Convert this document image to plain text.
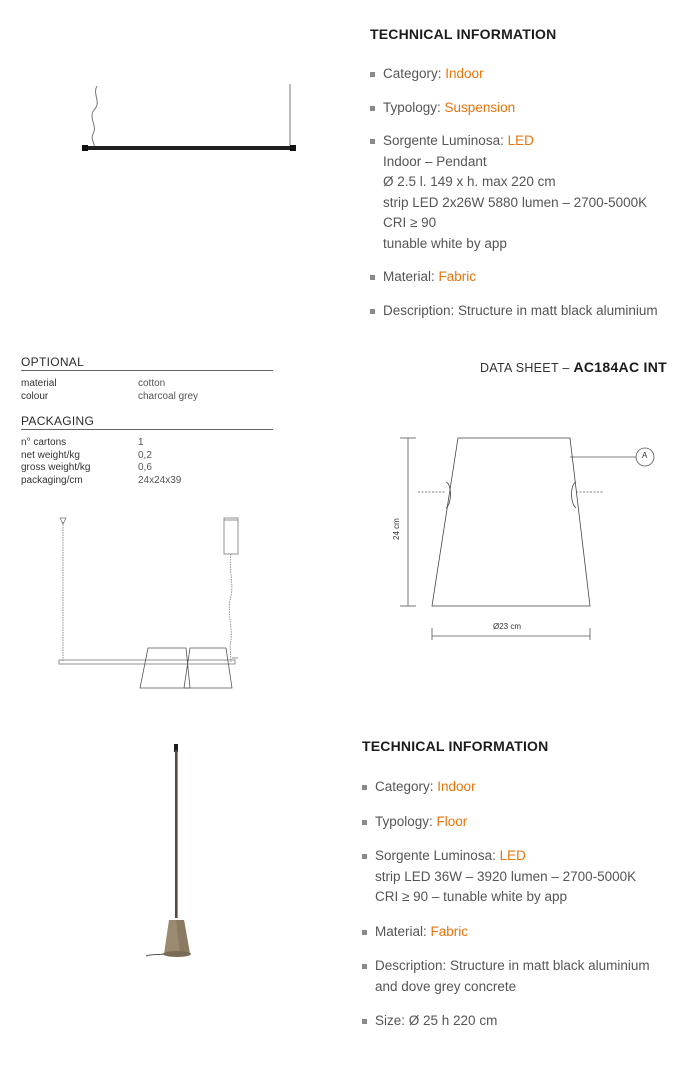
TECHNICAL INFORMATION
Category: Indoor
Typology: Suspension
Sorgente Luminosa: LED
Indoor – Pendant
Ø 2.5 l. 149 x h. max 220 cm
strip LED 2x26W 5880 lumen – 2700-5000K
CRI ≥ 90
tunable white by app
Material: Fabric
Description: Structure in matt black aluminium
OPTIONAL
material	cotton
colour	charcoal grey
PACKAGING
n° cartons	1
net weight/kg	0,2
gross weight/kg	0,6
packaging/cm	24x24x39
DATA SHEET – AC184AC INT
24 cm
Ø23 cm
A
TECHNICAL INFORMATION
Category: Indoor
Typology: Floor
Sorgente Luminosa: LED
strip LED 36W – 3920 lumen – 2700-5000K
CRI ≥ 90 – tunable white by app
Material: Fabric
Description: Structure in matt black aluminium
and dove grey concrete
Size: Ø 25 h 220 cm
